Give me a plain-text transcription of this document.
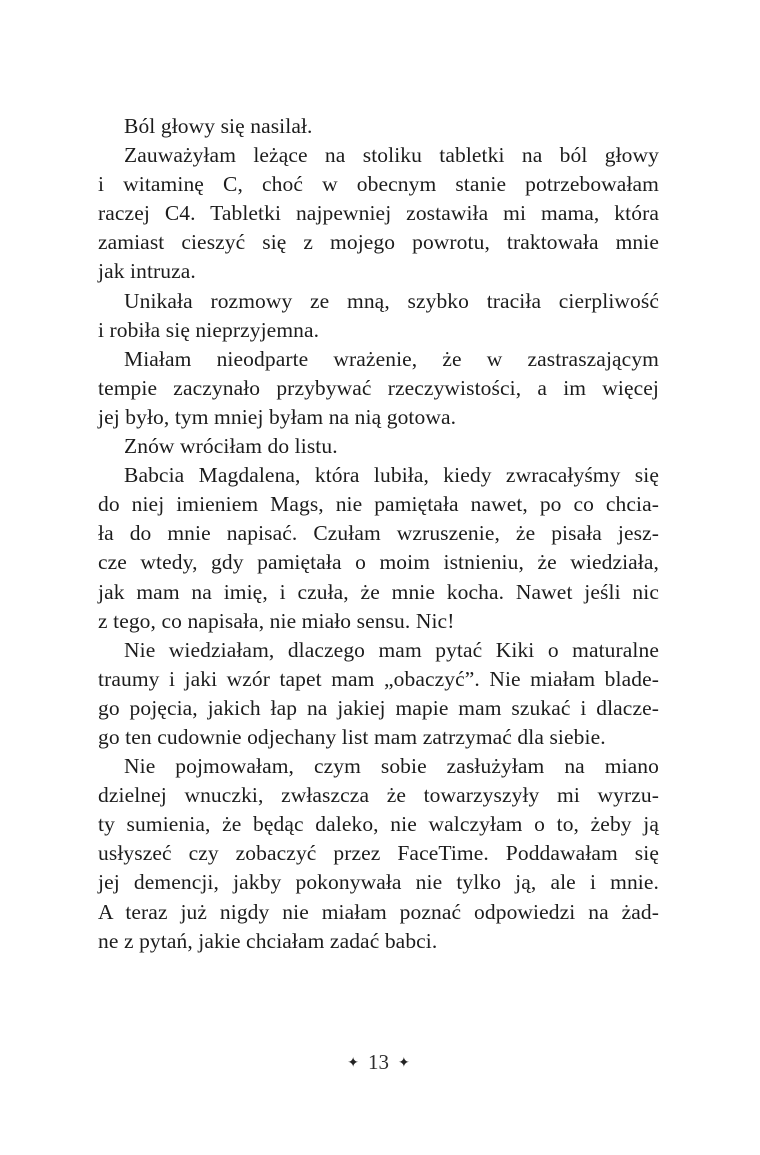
Ból głowy się nasilał.
Zauważyłam leżące na stoliku tabletki na ból głowy
i witaminę C, choć w obecnym stanie potrzebowałam
raczej C4. Tabletki najpewniej zostawiła mi mama, która
zamiast cieszyć się z mojego powrotu, traktowała mnie
jak intruza.
Unikała rozmowy ze mną, szybko traciła cierpliwość
i robiła się nieprzyjemna.
Miałam nieodparte wrażenie, że w zastraszającym
tempie zaczynało przybywać rzeczywistości, a im więcej
jej było, tym mniej byłam na nią gotowa.
Znów wróciłam do listu.
Babcia Magdalena, która lubiła, kiedy zwracałyśmy się
do niej imieniem Mags, nie pamiętała nawet, po co chcia-
ła do mnie napisać. Czułam wzruszenie, że pisała jesz-
cze wtedy, gdy pamiętała o moim istnieniu, że wiedziała,
jak mam na imię, i czuła, że mnie kocha. Nawet jeśli nic
z tego, co napisała, nie miało sensu. Nic!
Nie wiedziałam, dlaczego mam pytać Kiki o maturalne
traumy i jaki wzór tapet mam „obaczyć”. Nie miałam blade-
go pojęcia, jakich łap na jakiej mapie mam szukać i dlacze-
go ten cudownie odjechany list mam zatrzymać dla siebie.
Nie pojmowałam, czym sobie zasłużyłam na miano
dzielnej wnuczki, zwłaszcza że towarzyszyły mi wyrzu-
ty sumienia, że będąc daleko, nie walczyłam o to, żeby ją
usłyszeć czy zobaczyć przez FaceTime. Poddawałam się
jej demencji, jakby pokonywała nie tylko ją, ale i mnie.
A teraz już nigdy nie miałam poznać odpowiedzi na żad-
ne z pytań, jakie chciałam zadać babci.
✦ 13 ✦
